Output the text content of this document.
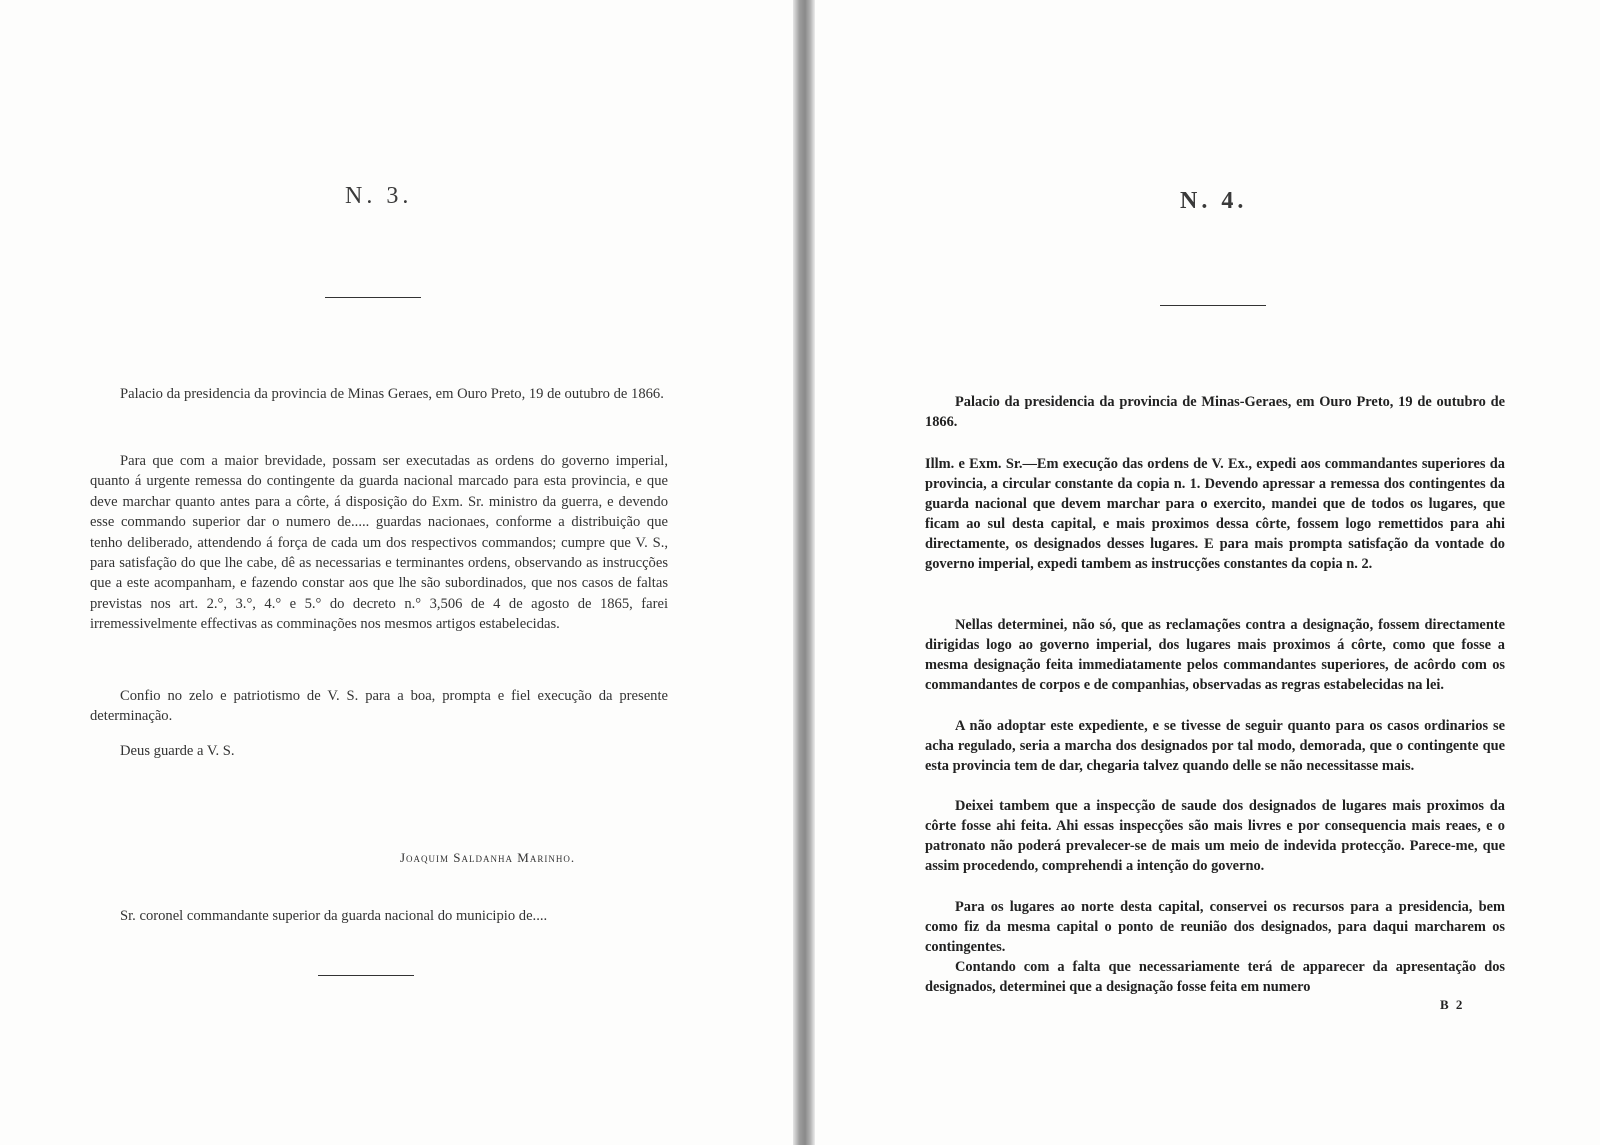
N. 3.

Palacio da presidencia da provincia de Minas Geraes, em Ouro Preto, 19 de outubro de 1866.

Para que com a maior brevidade, possam ser executadas as ordens do governo imperial, quanto á urgente remessa do contingente da guarda nacional marcado para esta provincia, e que deve marchar quanto antes para a côrte, á disposição do Exm. Sr. ministro da guerra, e devendo esse commando superior dar o numero de..... guardas nacionaes, conforme a distribuição que tenho deliberado, attendendo á força de cada um dos respectivos commandos; cumpre que V. S., para satisfação do que lhe cabe, dê as necessarias e terminantes ordens, observando as instrucções que a este acompanham, e fazendo constar aos que lhe são subordinados, que nos casos de faltas previstas nos art. 2.°, 3.°, 4.° e 5.° do decreto n.° 3,506 de 4 de agosto de 1865, farei irremessivelmente effectivas as comminações nos mesmos artigos estabelecidas.

Confio no zelo e patriotismo de V. S. para a boa, prompta e fiel execução da presente determinação.

Deus guarde a V. S.

Joaquim Saldanha Marinho.

Sr. coronel commandante superior da guarda nacional do municipio de....

N. 4.

Palacio da presidencia da provincia de Minas-Geraes, em Ouro Preto, 19 de outubro de 1866.

Illm. e Exm. Sr.—Em execução das ordens de V. Ex., expedi aos commandantes superiores da provincia, a circular constante da copia n. 1. Devendo apressar a remessa dos contingentes da guarda nacional que devem marchar para o exercito, mandei que de todos os lugares, que ficam ao sul desta capital, e mais proximos dessa côrte, fossem logo remettidos para ahi directamente, os designados desses lugares. E para mais prompta satisfação da vontade do governo imperial, expedi tambem as instrucções constantes da copia n. 2.

Nellas determinei, não só, que as reclamações contra a designação, fossem directamente dirigidas logo ao governo imperial, dos lugares mais proximos á côrte, como que fosse a mesma designação feita immediatamente pelos commandantes superiores, de acôrdo com os commandantes de corpos e de companhias, observadas as regras estabelecidas na lei.

A não adoptar este expediente, e se tivesse de seguir quanto para os casos ordinarios se acha regulado, seria a marcha dos designados por tal modo, demorada, que o contingente que esta provincia tem de dar, chegaria talvez quando delle se não necessitasse mais.

Deixei tambem que a inspecção de saude dos designados de lugares mais proximos da côrte fosse ahi feita. Ahi essas inspecções são mais livres e por consequencia mais reaes, e o patronato não poderá prevalecer-se de mais um meio de indevida protecção. Parece-me, que assim procedendo, comprehendi a intenção do governo.

Para os lugares ao norte desta capital, conservei os recursos para a presidencia, bem como fiz da mesma capital o ponto de reunião dos designados, para daqui marcharem os contingentes.

Contando com a falta que necessariamente terá de apparecer da apresentação dos designados, determinei que a designação fosse feita em numero

B 2
